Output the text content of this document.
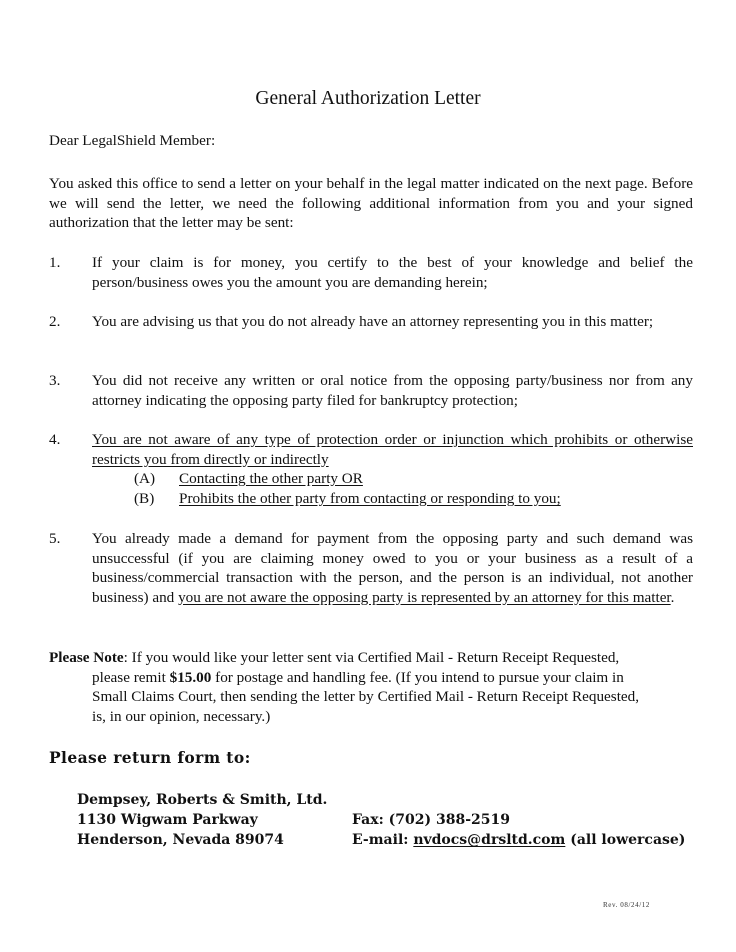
General Authorization Letter
Dear LegalShield Member:
You asked this office to send a letter on your behalf in the legal matter indicated on the next page. Before we will send the letter, we need the following additional information from you and your signed authorization that the letter may be sent:
1. If your claim is for money, you certify to the best of your knowledge and belief the person/business owes you the amount you are demanding herein;
2. You are advising us that you do not already have an attorney representing you in this matter;
3. You did not receive any written or oral notice from the opposing party/business nor from any attorney indicating the opposing party filed for bankruptcy protection;
4. You are not aware of any type of protection order or injunction which prohibits or otherwise restricts you from directly or indirectly
(A) Contacting the other party OR
(B) Prohibits the other party from contacting or responding to you;
5. You already made a demand for payment from the opposing party and such demand was unsuccessful (if you are claiming money owed to you or your business as a result of a business/commercial transaction with the person, and the person is an individual, not another business) and you are not aware the opposing party is represented by an attorney for this matter.
Please Note: If you would like your letter sent via Certified Mail - Return Receipt Requested,
please remit $15.00 for postage and handling fee. (If you intend to pursue your claim in
Small Claims Court, then sending the letter by Certified Mail - Return Receipt Requested,
is, in our opinion, necessary.)
Please return form to:
Dempsey, Roberts & Smith, Ltd.
1130 Wigwam Parkway
Henderson, Nevada 89074
Fax: (702) 388-2519
E-mail: nvdocs@drsltd.com (all lowercase)
Rev. 08/24/12
